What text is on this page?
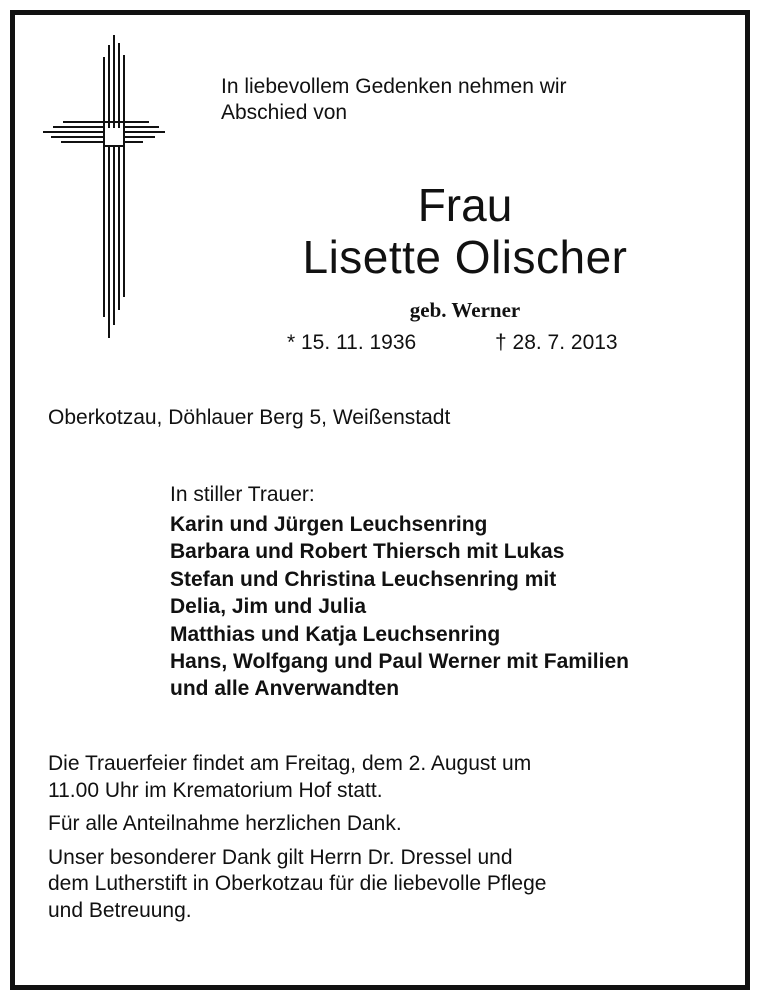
In liebevollem Gedenken nehmen wir
Abschied von
Frau
Lisette Olischer
geb. Werner
* 15. 11. 1936	† 28. 7. 2013
Oberkotzau, Döhlauer Berg 5, Weißenstadt
In stiller Trauer:
Karin und Jürgen Leuchsenring
Barbara und Robert Thiersch mit Lukas
Stefan und Christina Leuchsenring mit
Delia, Jim und Julia
Matthias und Katja Leuchsenring
Hans, Wolfgang und Paul Werner mit Familien
und alle Anverwandten

Die Trauerfeier findet am Freitag, dem 2. August um
11.00 Uhr im Krematorium Hof statt.

Für alle Anteilnahme herzlichen Dank.

Unser besonderer Dank gilt Herrn Dr. Dressel und
dem Lutherstift in Oberkotzau für die liebevolle Pflege
und Betreuung.
